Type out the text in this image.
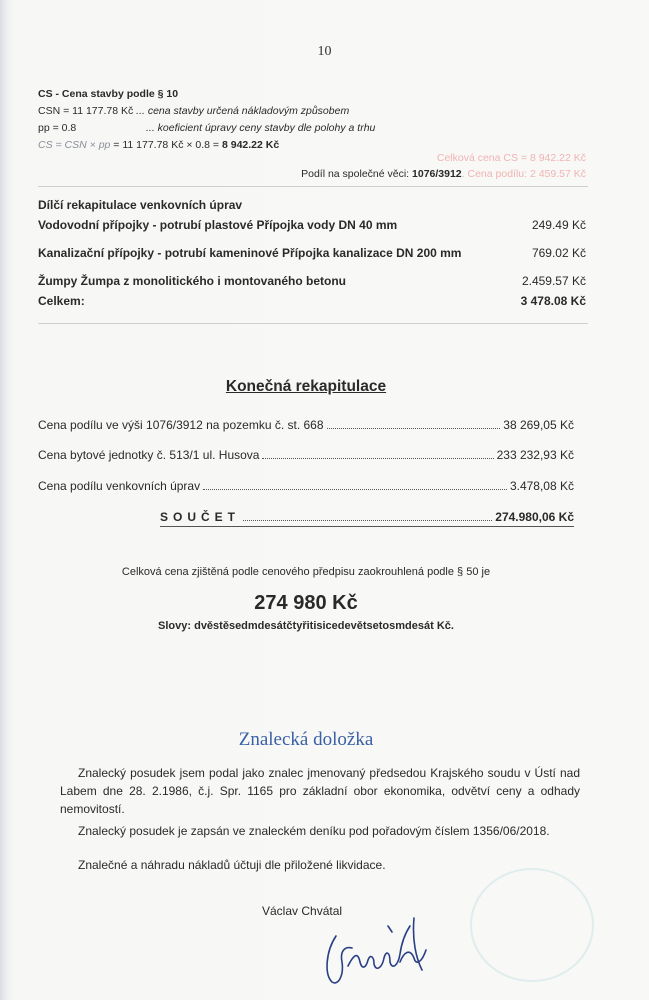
10
CS - Cena stavby podle § 10
CSN = 11 177.78 Kč ... cena stavby určená nákladovým způsobem
pp = 0.8	... koeficient úpravy ceny stavby dle polohy a trhu
CS = CSN × pp = 11 177.78 Kč × 0.8 = 8 942.22 Kč
Celková cena CS = 8 942.22 Kč
Podíl na společné věci: 1076/3912. Cena podílu: 2 459.57 Kč
Dílčí rekapitulace venkovních úprav
Vodovodní přípojky - potrubí plastové Přípojka vody DN 40 mm	249.49 Kč
Kanalizační přípojky - potrubí kameninové Přípojka kanalizace DN 200 mm	769.02 Kč
Žumpy Žumpa z monolitického i montovaného betonu	2.459.57 Kč
Celkem:	3 478.08 Kč
Konečná rekapitulace
Cena podílu ve výši 1076/3912 na pozemku č. st. 668	38 269,05 Kč
Cena bytové jednotky č. 513/1 ul. Husova	233 232,93 Kč
Cena podílu venkovních úprav	3.478,08 Kč
SOUČET	274.980,06 Kč
Celková cena zjištěná podle cenového předpisu zaokrouhlená podle § 50 je
274 980 Kč
Slovy: dvěstěsedmdesátčtyřitisicedevětsetosmdesát Kč.
Znalecká doložka
Znalecký posudek jsem podal jako znalec jmenovaný předsedou Krajského soudu v Ústí nad Labem dne 28. 2.1986, č.j. Spr. 1165 pro základní obor ekonomika, odvětví ceny a odhady nemovitostí.
Znalecký posudek je zapsán ve znaleckém deníku pod pořadovým číslem 1356/06/2018.
Znalečné a náhradu nákladů účtuji dle přiložené likvidace.
Václav Chvátal
